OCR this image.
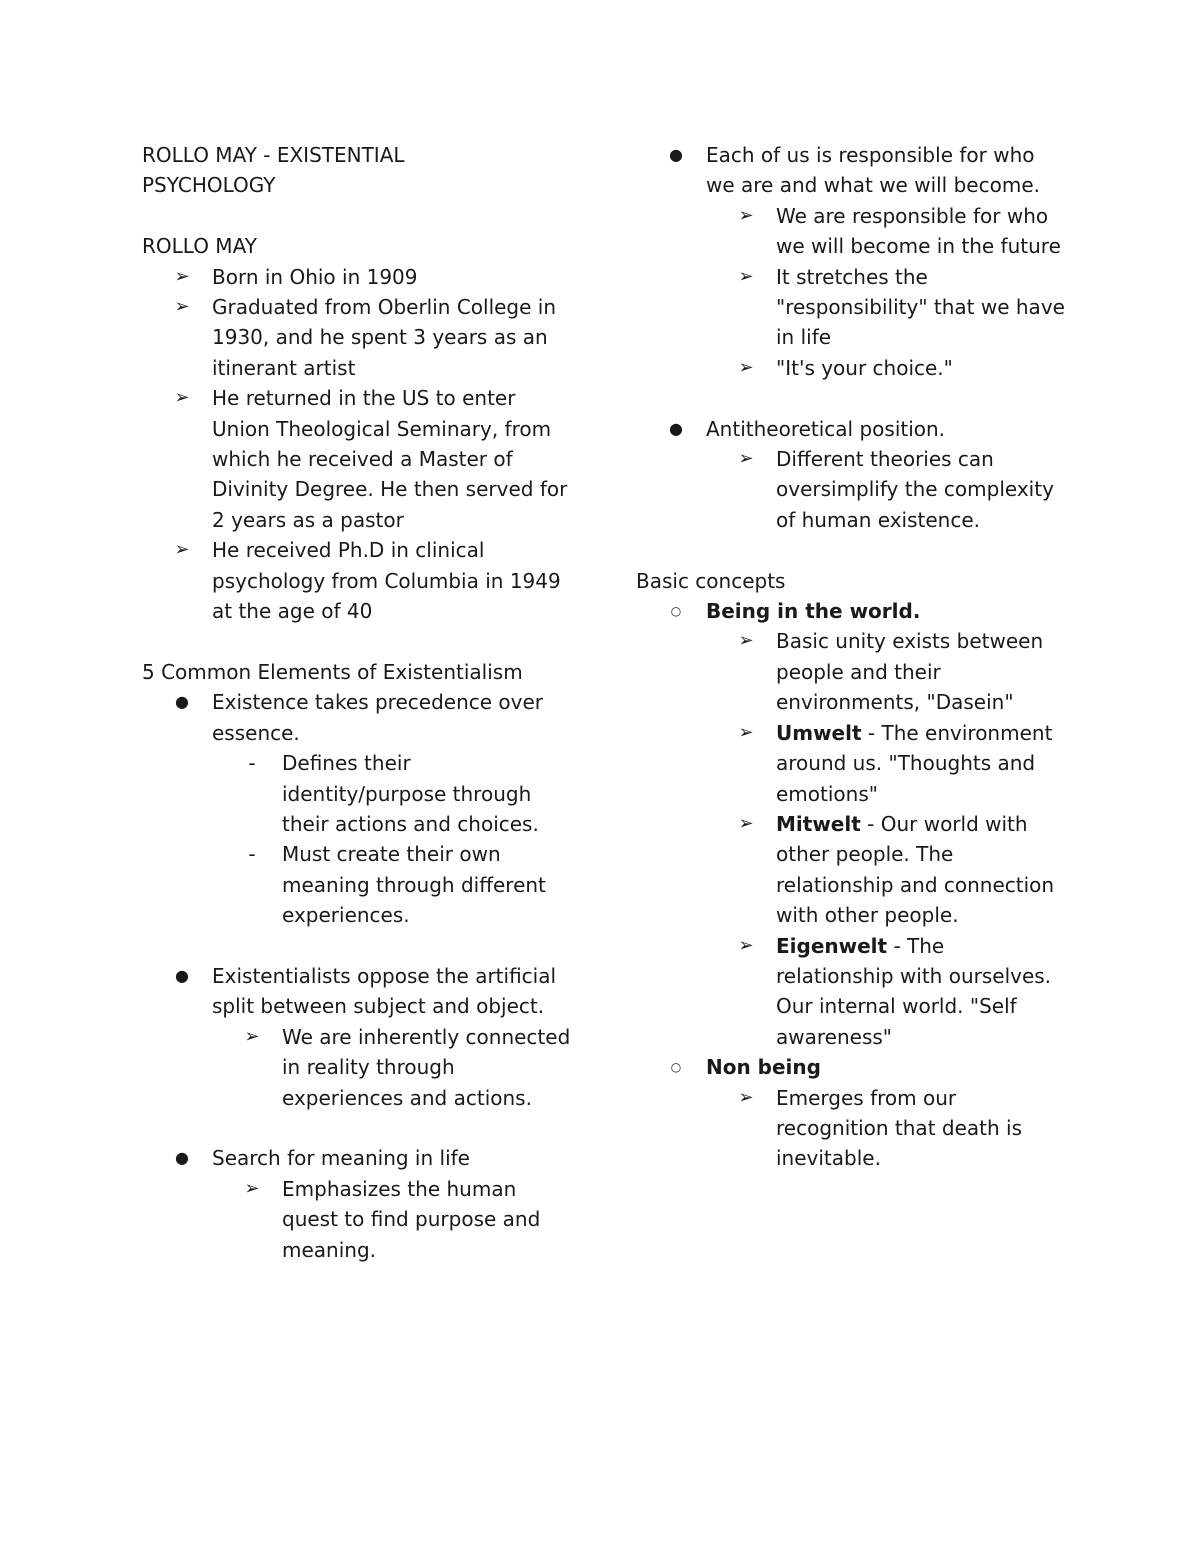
ROLLO MAY - EXISTENTIAL

PSYCHOLOGY

ROLLO MAY

➢	Born in Ohio in 1909
➢	Graduated from Oberlin College in 1930, and he spent 3 years as an itinerant artist
➢	He returned in the US to enter Union Theological Seminary, from which he received a Master of Divinity Degree. He then served for 2 years as a pastor
➢	He received Ph.D in clinical psychology from Columbia in 1949 at the age of 40

5 Common Elements of Existentialism

●	Existence takes precedence over essence.
-	Defines their identity/purpose through their actions and choices.
-	Must create their own meaning through different experiences.
●	Existentialists oppose the artificial split between subject and object.
➢	We are inherently connected in reality through experiences and actions.
●	Search for meaning in life
➢	Emphasizes the human quest to find purpose and meaning.
●	Each of us is responsible for who we are and what we will become.
➢	We are responsible for who we will become in the future
➢	It stretches the "responsibility" that we have in life
➢	"It's your choice."
●	Antitheoretical position.
➢	Different theories can oversimplify the complexity of human existence.

Basic concepts

○	Being in the world.
➢	Basic unity exists between people and their environments, "Dasein"
➢	Umwelt - The environment around us. "Thoughts and emotions"
➢	Mitwelt - Our world with other people. The relationship and connection with other people.
➢	Eigenwelt - The relationship with ourselves. Our internal world. "Self awareness"
○	Non being
➢	Emerges from our recognition that death is inevitable.
